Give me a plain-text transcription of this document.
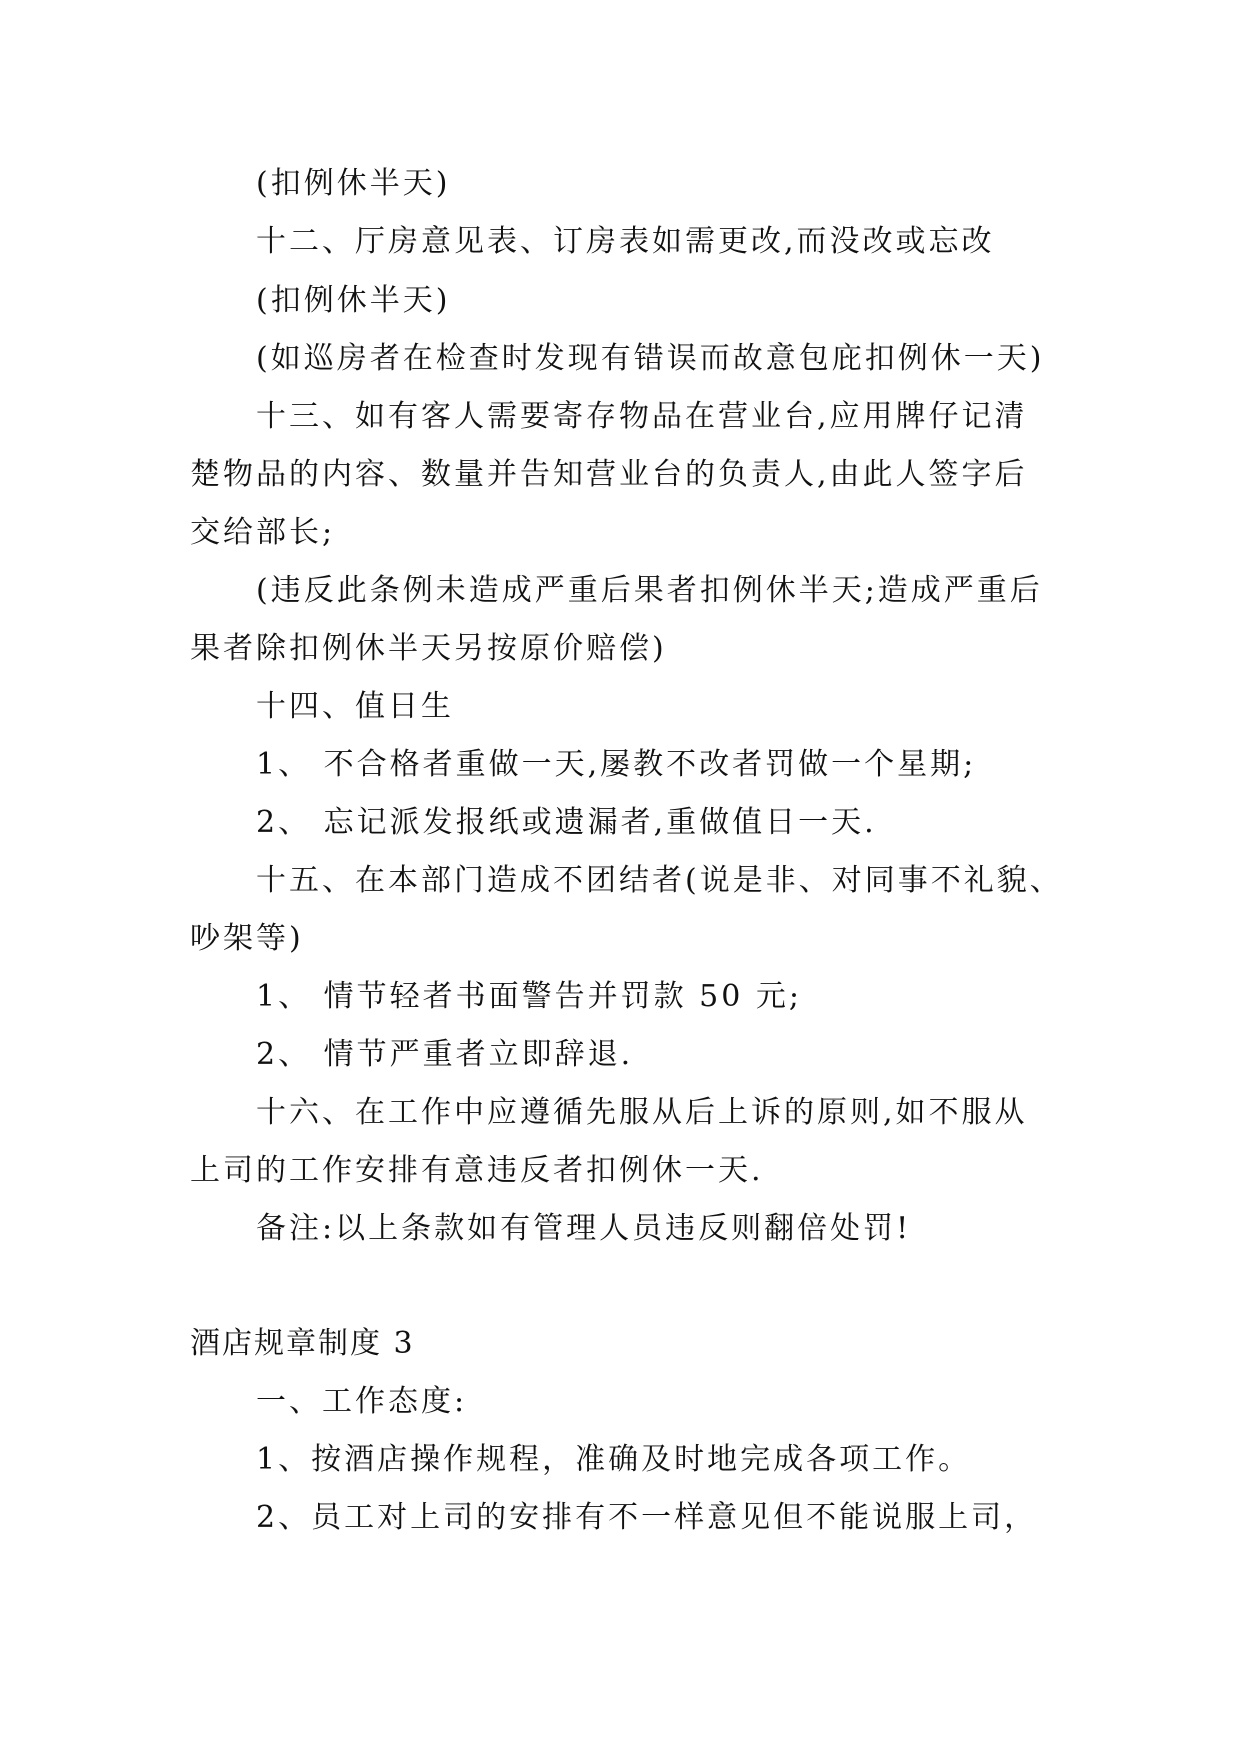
(扣例休半天)
十二、厅房意见表、订房表如需更改,而没改或忘改
(扣例休半天)
(如巡房者在检查时发现有错误而故意包庇扣例休一天)
十三、如有客人需要寄存物品在营业台,应用牌仔记清
楚物品的内容、数量并告知营业台的负责人,由此人签字后
交给部长;
(违反此条例未造成严重后果者扣例休半天;造成严重后
果者除扣例休半天另按原价赔偿)
十四、值日生
1、 不合格者重做一天,屡教不改者罚做一个星期;
2、 忘记派发报纸或遗漏者,重做值日一天.
十五、在本部门造成不团结者(说是非、对同事不礼貌、
吵架等)
1、 情节轻者书面警告并罚款 50 元;
2、 情节严重者立即辞退.
十六、在工作中应遵循先服从后上诉的原则,如不服从
上司的工作安排有意违反者扣例休一天.
备注:以上条款如有管理人员违反则翻倍处罚!
酒店规章制度 3
一、工作态度:
1、按酒店操作规程，准确及时地完成各项工作。
2、员工对上司的安排有不一样意见但不能说服上司，
